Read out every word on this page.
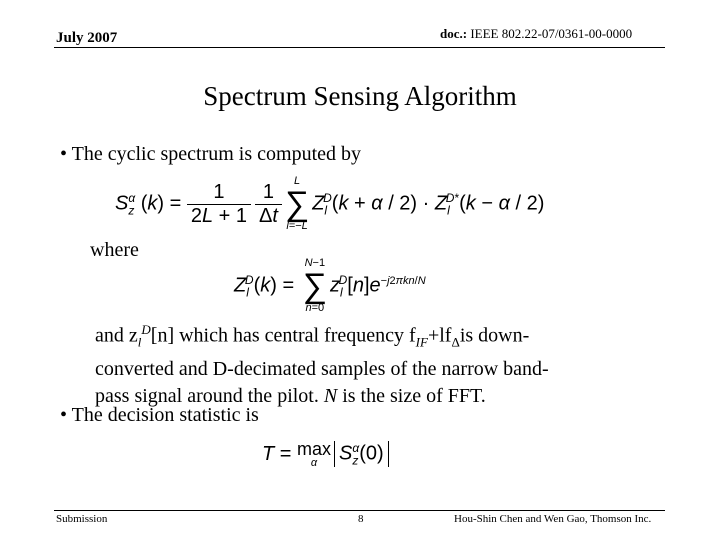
July 2007	doc.: IEEE 802.22-07/0361-00-0000
Spectrum Sensing Algorithm
• The cyclic spectrum is computed by
$S_z^\alpha$ $(k) = \frac{1}{2L + 1} \frac{1}{\Delta t}$	L
∑
l=−L
$Z_l^D(k + \alpha / 2) \cdot Z_l^{D*}(k - \alpha / 2)$
where
$Z_l^D(k)$ =
N−1
∑
n=0
$z_l^D[n]e^{-j2\pi kn/N}$
and $z_l^D[n]$ which has central frequency $f_{IF}+lf_\Delta is$ down-
converted and D-decimated samples of the narrow band-
pass signal around the pilot. N is the size of FFT.
• The decision statistic is
T = max
α	$S_z^\alpha(0)$
Submission	8	Hou-Shin Chen and Wen Gao, Thomson Inc.
